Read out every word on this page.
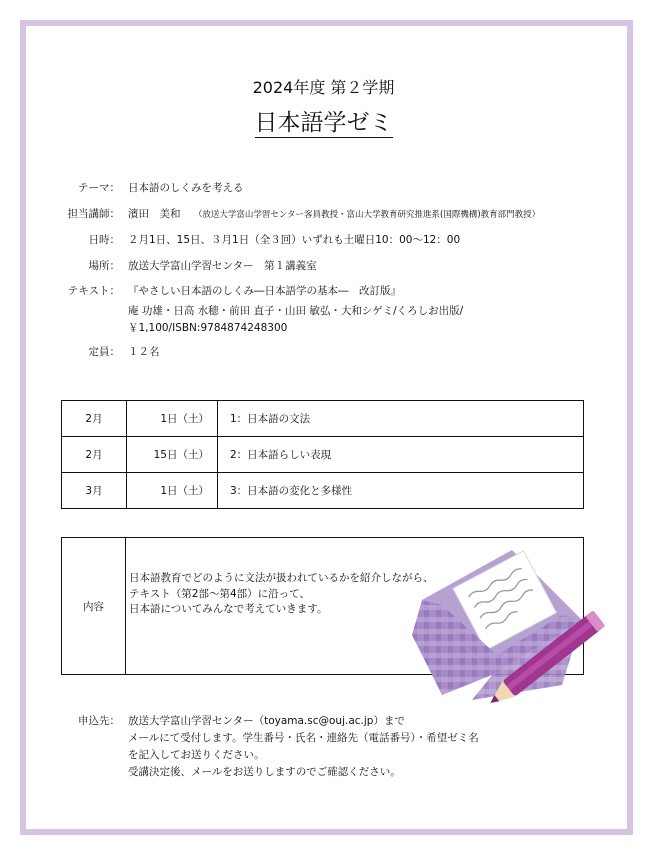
2024年度 第２学期
日本語学ゼミ
テーマ： 日本語のしくみを考える
担当講師： 濱田　美和 （放送大学富山学習センター客員教授・富山大学教育研究推進系(国際機構)教育部門教授）
日時： ２月1日、15日、３月1日（全３回）いずれも土曜日10：00～12：00
場所： 放送大学富山学習センター　第１講義室
テキスト： 『やさしい日本語のしくみ―日本語学の基本―　改訂版』
庵 功雄・日高 水穂・前田 直子・山田 敏弘・大和シゲミ/くろしお出版/
￥1,100/ISBN:9784874248300
定員： １２名
2月	1日（土）	1：日本語の文法
2月	15日（土）	2：日本語らしい表現
3月	1日（土）	3：日本語の変化と多様性
内容
日本語教育でどのように文法が扱われているかを紹介しながら、
テキスト（第2部～第4部）に沿って、
日本語についてみんなで考えていきます。
申込先： 放送大学富山学習センター（toyama.sc@ouj.ac.jp）まで
メールにて受付します。学生番号・氏名・連絡先（電話番号）・希望ゼミ名
を記入してお送りください。
受講決定後、メールをお送りしますのでご確認ください。
